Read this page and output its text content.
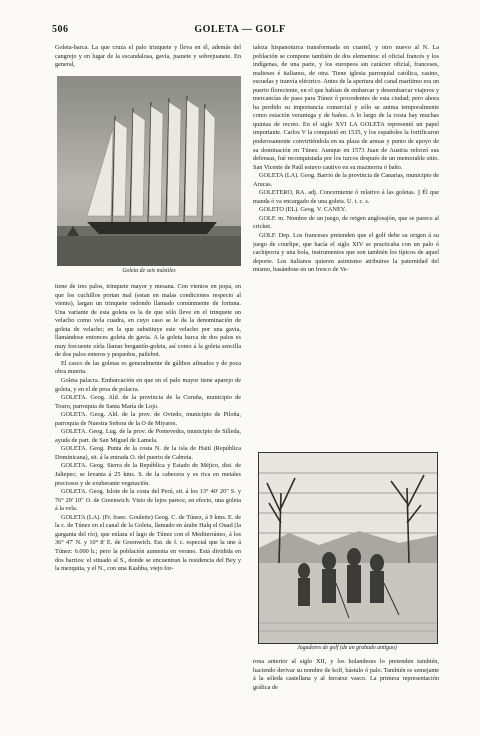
506	GOLETA — GOLF

Goleta-barca. La que cruza el palo trinquete y lleva en él, además del cangrejo y en lugar de la escandalosa, gavia, juanete y sobrejuanete. En general,

Goleta de seis mástiles

tiene de tres palos, trinquete mayor y mesana. Con vientos en popa, en que los cuchillos portan mal (estan en malas condiciones respecto al viento), largan un trinquete redondo llamado comúnmente de fortuna. Una variante de esta goleta es la de que sólo lleve en el trinquete un velacho como vela cuadra, en cuyo caso se le da la denominación de goleta de velacho; en la que substituye este velacho por una gavia, llamándose entonces goleta de gavia. A la goleta barca de dos palos es muy frecuente oírla llamar bergantín-goleta, así como á la goleta sencilla de dos palos enteros y pequeños, pailebot.

El casco de las goletas es generalmente de gálibos afinados y de poca obra muerta.

Goleta palacra. Embarcación en que en el palo mayor tiene aparejo de goleta, y en el de proa de polacra.

GOLETA. Geog. Ald. de la provincia de la Coruña, municipio de Touro, parroquia de Santa María de Lojo.

GOLETA. Geog. Ald. de la prov. de Oviedo, municipio de Piloña, parroquia de Nuestra Señora de la O de Miyares.

GOLETA. Geog. Lug. de la prov. de Pontevedra, municipio de Silleda, ayuda de part. de San Miguel de Lamela.

GOLETA. Geog. Punta de la costa N. de la isla de Haití (República Dominicana), sit. á la entrada O. del puerto de Cabreta.

GOLETA. Geog. Sierra de la República y Estado de Méjico, dist. de Jaltepec; se levanta á 25 kms. S. de la cabecera y es rica en metales preciosos y de exuberante vegetación.

GOLETA. Geog. Islote de la costa del Perú, sit. á los 13° 40' 20" S. y 76° 29' 10" O. de Greenwich. Visto de lejos parece, en efecto, una goleta á la vela.

GOLETA (LA). (Fr. franc. Goulette) Geog. C. de Túnez, á 9 kms. E. de la c. de Túnez en el canal de la Goleta, llamado en árabe Halq el Ouad (la garganta del río), que enlaza el lago de Túnez con el Mediterráneo, á los 36° 47' N. y 10° 8' E. de Greenwich. Est. de f. c. especial que la une á Túnez: 6.000 h.; pero la población aumenta en verano. Está dividida en dos barrios: el situado al S., donde se encuentran la residencia del Bey y la mezquita, y el N., con una Kashba, viejo for-

taleza hispanoturca transformada en cuartel, y otro nuevo al N. La población se compone también de dos elementos: el oficial francés y los indígenas, de una parte, y los europeos sin carácter oficial, franceses, malteses é italianos, de otra. Tiene iglesia parroquial católica, casino, escuelas y tranvía eléctrico. Antes de la apertura del canal marítimo era un puerto floreciente, en el que habían de embarcar y desembarcar viajeros y mercancías de paso para Túnez ó procedentes de esta ciudad; pero ahora ha perdido su importancia comercial y sólo se anima temporalmente como estación veraniega y de baños. A lo largo de la costa hay muchas quintas de recreo. En el siglo XVI LA GOLETA representó un papel importante. Carlos V la conquistó en 1535, y los españoles la fortificaron poderosamente convirtiéndola en su plaza de armas y punto de apoyo de su dominación en Túnez. Aunque en 1573 Juan de Austria reforzó sus defensas, fué reconquistada por los turcos después de un memorable sitio. San Vicente de Paúl estuvo cautivo en su mazmorra ó baño.

GOLETA (LA). Geog. Barrio de la provincia de Canarias, municipio de Arucas.

GOLETERO, RA. adj. Concerniente ó relativo á las goletas. || Él que manda ó va encargado de una goleta. U. t. c. s.

GOLETO (EL). Geog. V. CANEY.

GOLF. m. Nombre de un juego, de origen anglosajón, que se parece al cricket.

GOLF. Dep. Los franceses pretenden que el golf debe su origen á su juego de courlipe, que hacía el siglo XIV se practicaba con un palo ó cachiporra y una bola, instrumentos que son también los típicos de aquel deporte. Los italianos quieren asimismo atribuirse la paternidad del mismo, basándose en un fresco de Ve-

Jugadores de golf (de un grabado antiguo)

rona anterior al siglo XII, y los holandeses lo pretenden también, haciendo derivar su nombre de kolf, bástulo ó palo. También es semejante á la sóleda castellana y al ferratxe vasco. La primera representación gráfica de
